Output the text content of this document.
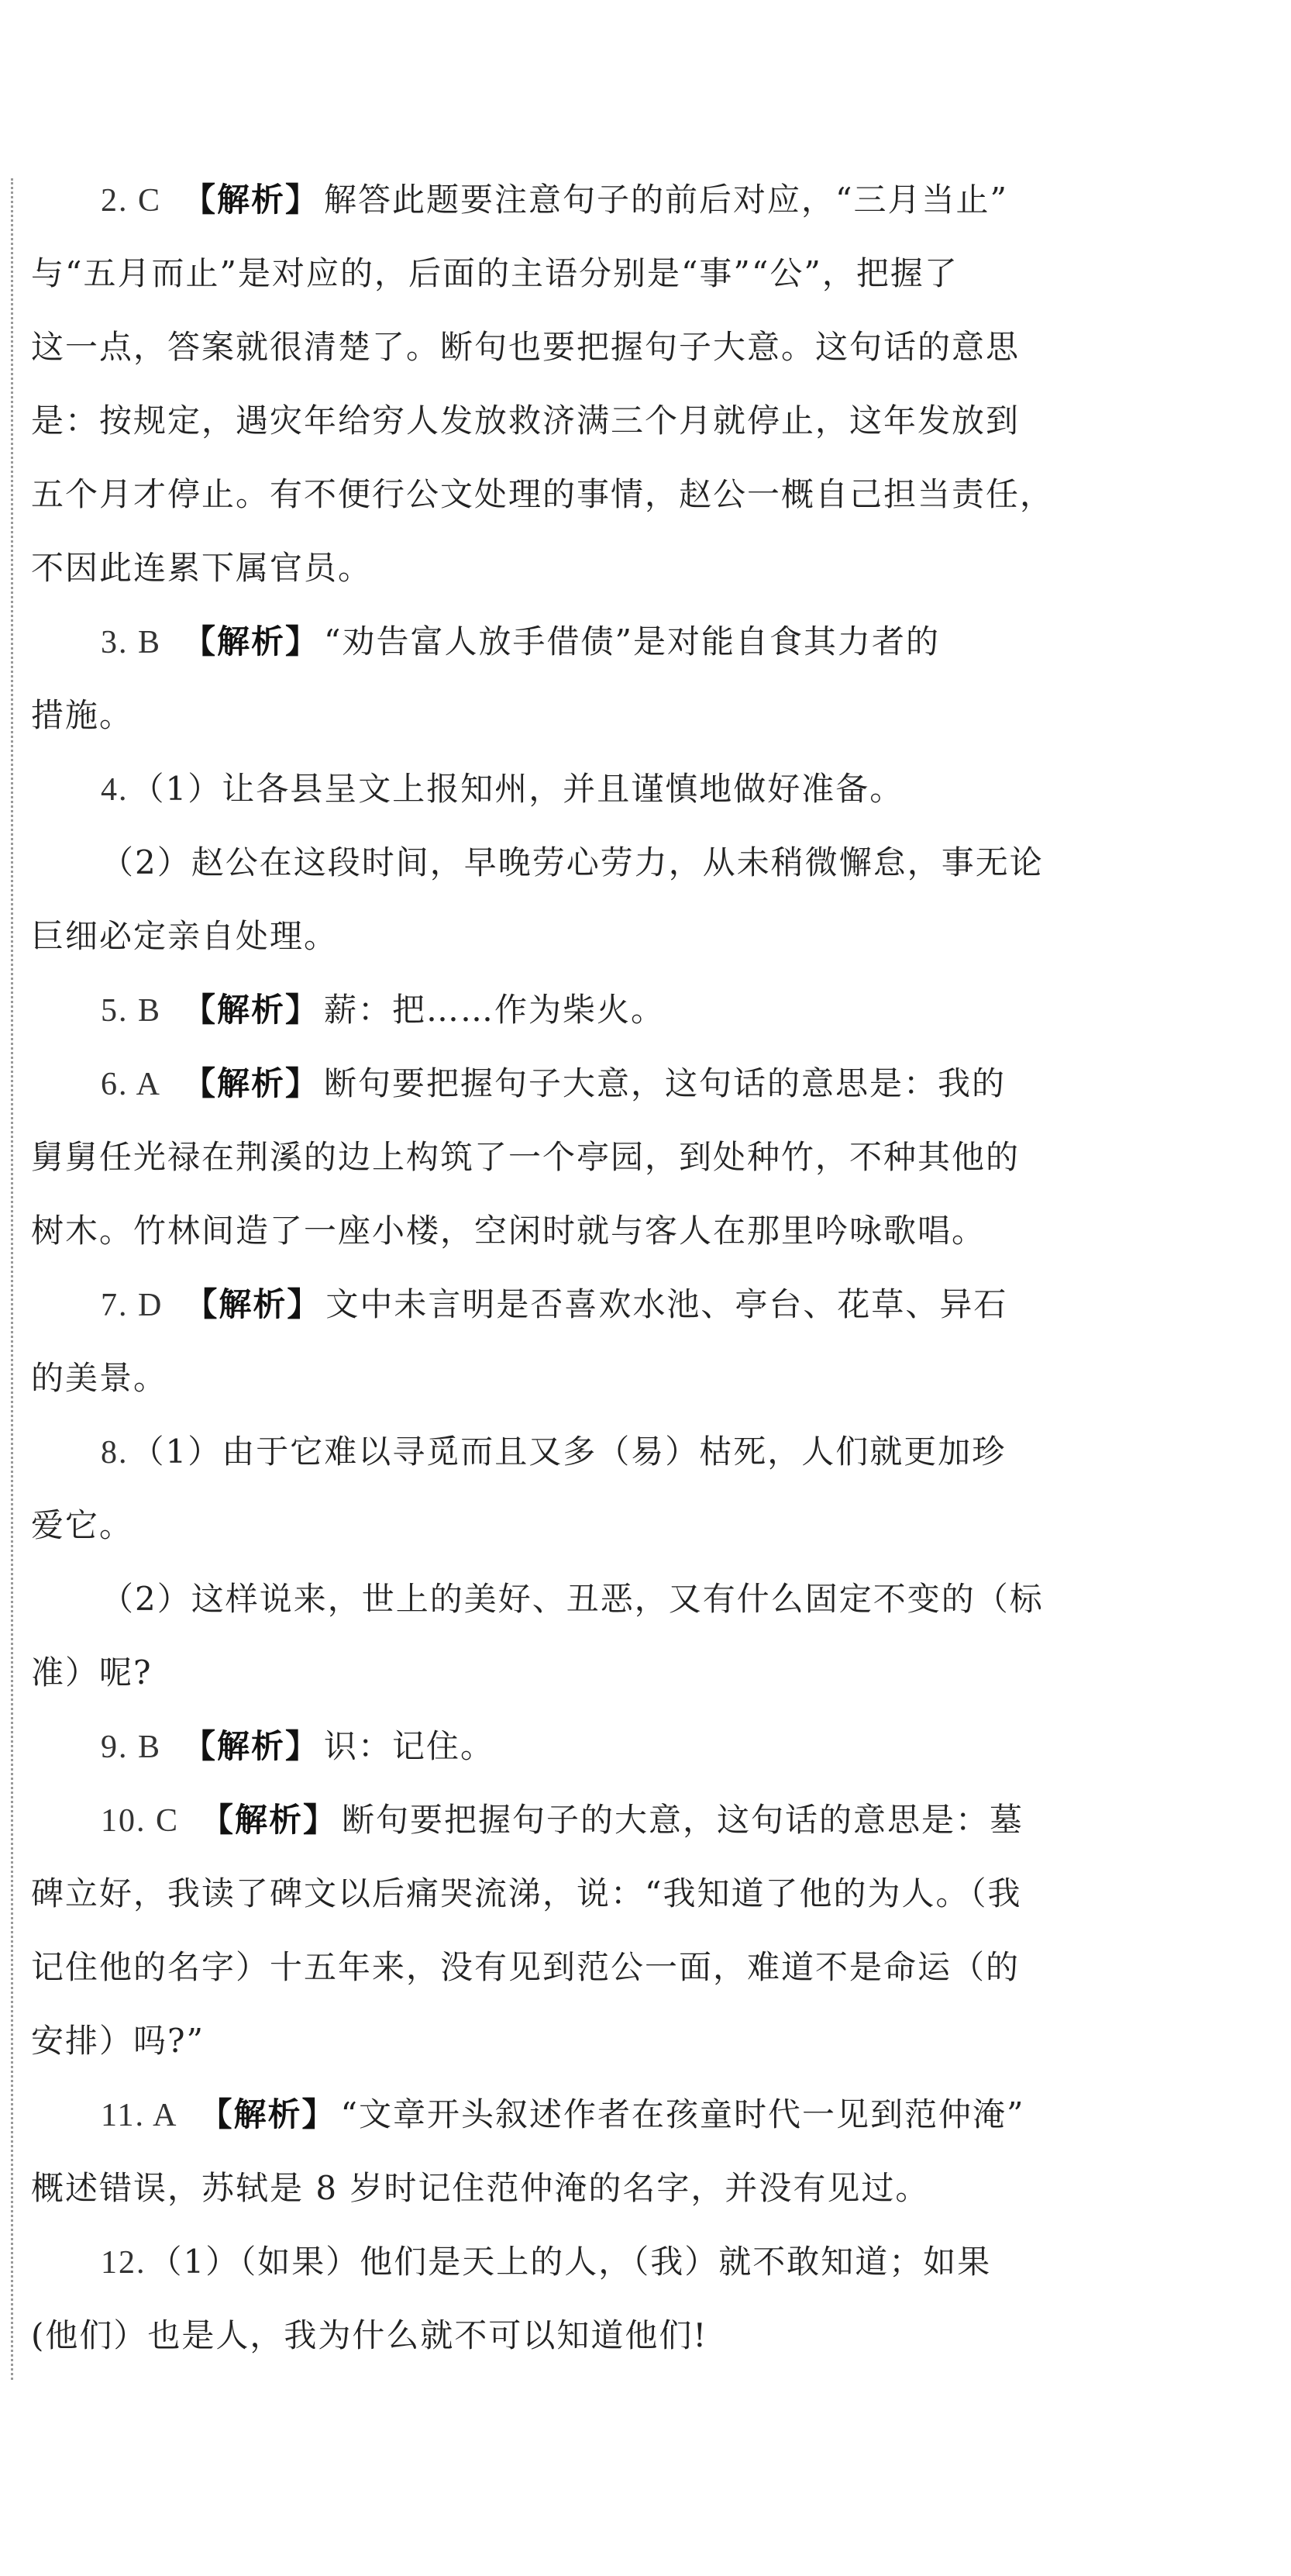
2. C 【解析】 解答此题要注意句子的前后对应，“三月当止”
与“五月而止”是对应的，后面的主语分别是“事”“公”，把握了
这一点，答案就很清楚了。断句也要把握句子大意。这句话的意思
是：按规定，遇灾年给穷人发放救济满三个月就停止，这年发放到
五个月才停止。有不便行公文处理的事情，赵公一概自己担当责任，
不因此连累下属官员。
3. B 【解析】 “劝告富人放手借债”是对能自食其力者的
措施。
4.（1）让各县呈文上报知州，并且谨慎地做好准备。
（2）赵公在这段时间，早晚劳心劳力，从未稍微懈怠，事无论
巨细必定亲自处理。
5. B 【解析】 薪：把……作为柴火。
6. A 【解析】 断句要把握句子大意，这句话的意思是：我的
舅舅任光禄在荆溪的边上构筑了一个亭园，到处种竹，不种其他的
树木。竹林间造了一座小楼，空闲时就与客人在那里吟咏歌唱。
7. D 【解析】 文中未言明是否喜欢水池、亭台、花草、异石
的美景。
8.（1）由于它难以寻觅而且又多（易）枯死，人们就更加珍
爱它。
（2）这样说来，世上的美好、丑恶，又有什么固定不变的（标
准）呢?
9. B 【解析】 识：记住。
10. C 【解析】 断句要把握句子的大意，这句话的意思是：墓
碑立好，我读了碑文以后痛哭流涕，说：“我知道了他的为人。（我
记住他的名字）十五年来，没有见到范公一面，难道不是命运（的
安排）吗?”
11. A 【解析】 “文章开头叙述作者在孩童时代一见到范仲淹”
概述错误，苏轼是 8 岁时记住范仲淹的名字，并没有见过。
12.（1）（如果）他们是天上的人，（我）就不敢知道；如果
(他们）也是人，我为什么就不可以知道他们!
